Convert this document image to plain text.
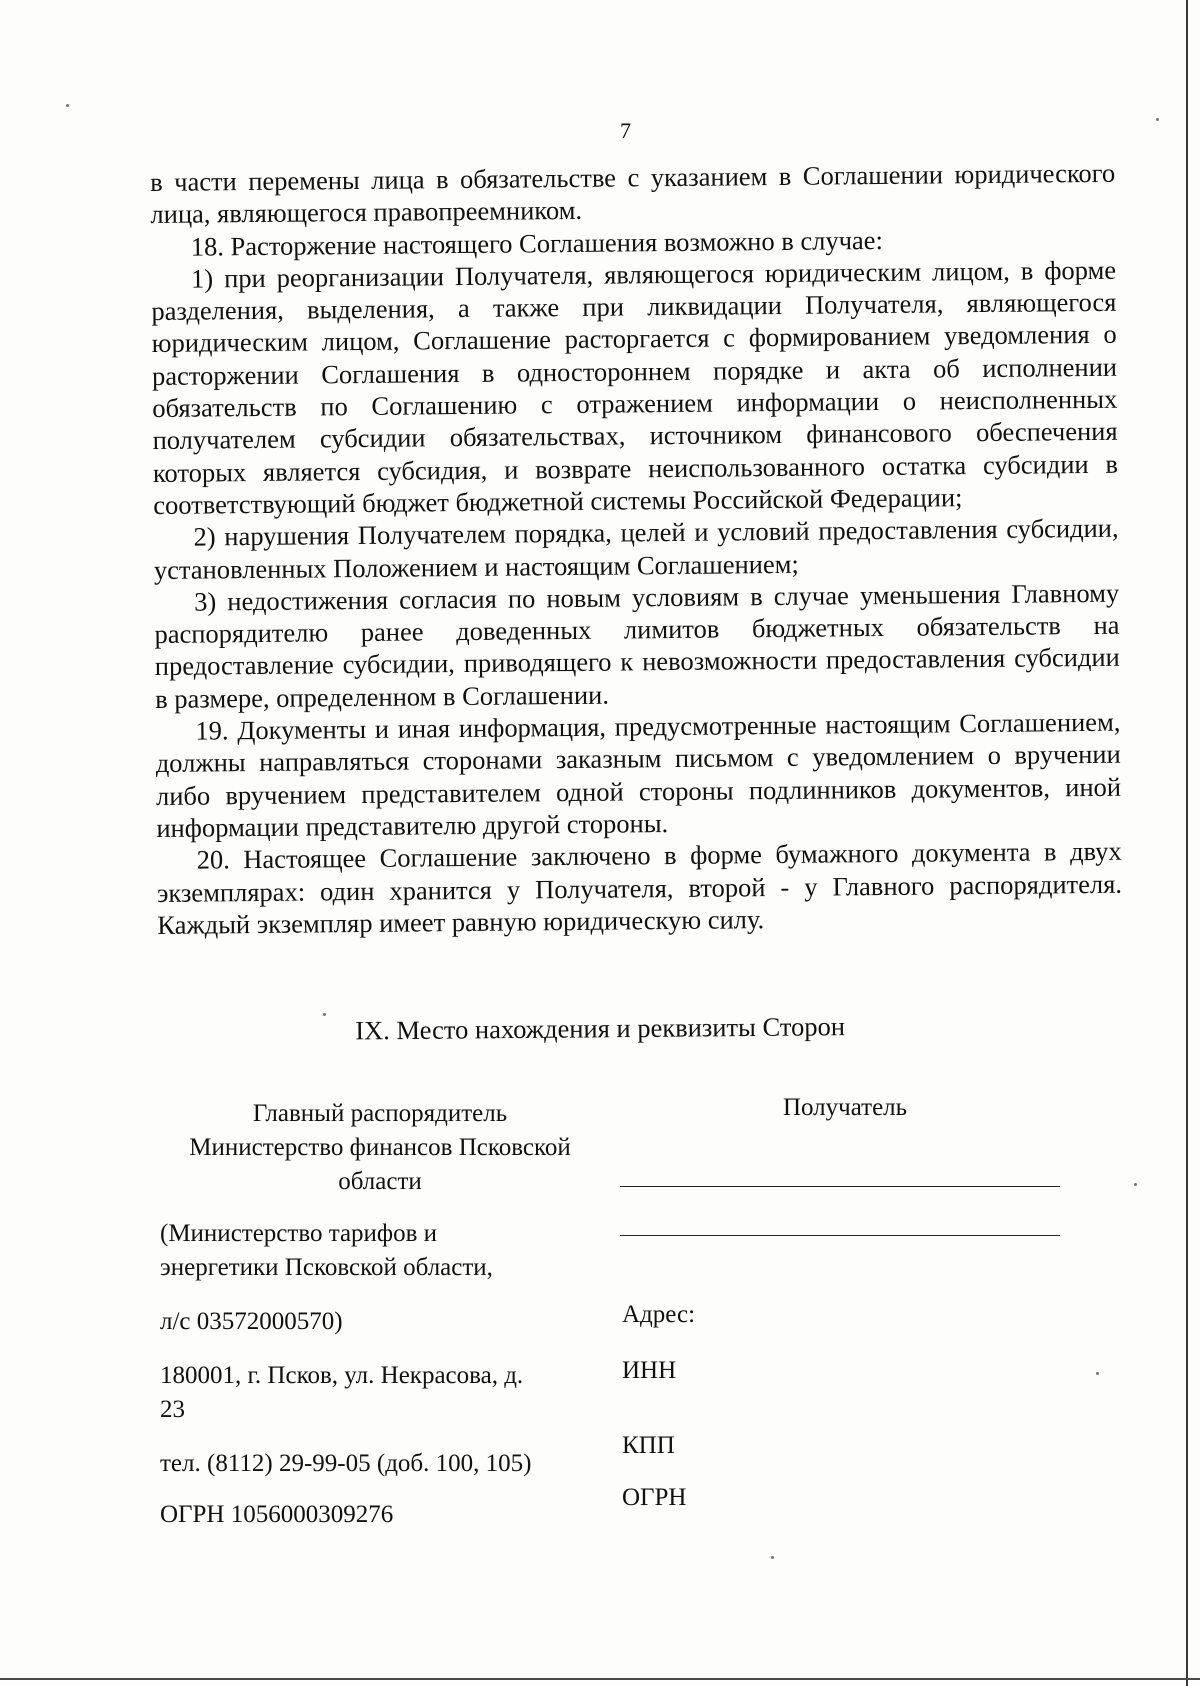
7

в части перемены лица в обязательстве с указанием в Соглашении юридического лица, являющегося правопреемником.

18. Расторжение настоящего Соглашения возможно в случае:

1) при реорганизации Получателя, являющегося юридическим лицом, в форме разделения, выделения, а также при ликвидации Получателя, являющегося юридическим лицом, Соглашение расторгается с формированием уведомления о расторжении Соглашения в одностороннем порядке и акта об исполнении обязательств по Соглашению с отражением информации о неисполненных получателем субсидии обязательствах, источником финансового обеспечения которых является субсидия, и возврате неиспользованного остатка субсидии в соответствующий бюджет бюджетной системы Российской Федерации;

2) нарушения Получателем порядка, целей и условий предоставления субсидии, установленных Положением и настоящим Соглашением;

3) недостижения согласия по новым условиям в случае уменьшения Главному распорядителю ранее доведенных лимитов бюджетных обязательств на предоставление субсидии, приводящего к невозможности предоставления субсидии в размере, определенном в Соглашении.

19. Документы и иная информация, предусмотренные настоящим Соглашением, должны направляться сторонами заказным письмом с уведомлением о вручении либо вручением представителем одной стороны подлинников документов, иной информации представителю другой стороны.

20. Настоящее Соглашение заключено в форме бумажного документа в двух экземплярах: один хранится у Получателя, второй - у Главного распорядителя. Каждый экземпляр имеет равную юридическую силу.

IX. Место нахождения и реквизиты Сторон
Главный распорядитель
Министерство финансов Псковской
области
(Министерство тарифов и
энергетики Псковской области,
л/с 03572000570)
180001, г. Псков, ул. Некрасова, д.
23
тел. (8112) 29-99-05 (доб. 100, 105)
ОГРН 1056000309276
Получатель
Адрес:
ИНН
КПП
ОГРН
